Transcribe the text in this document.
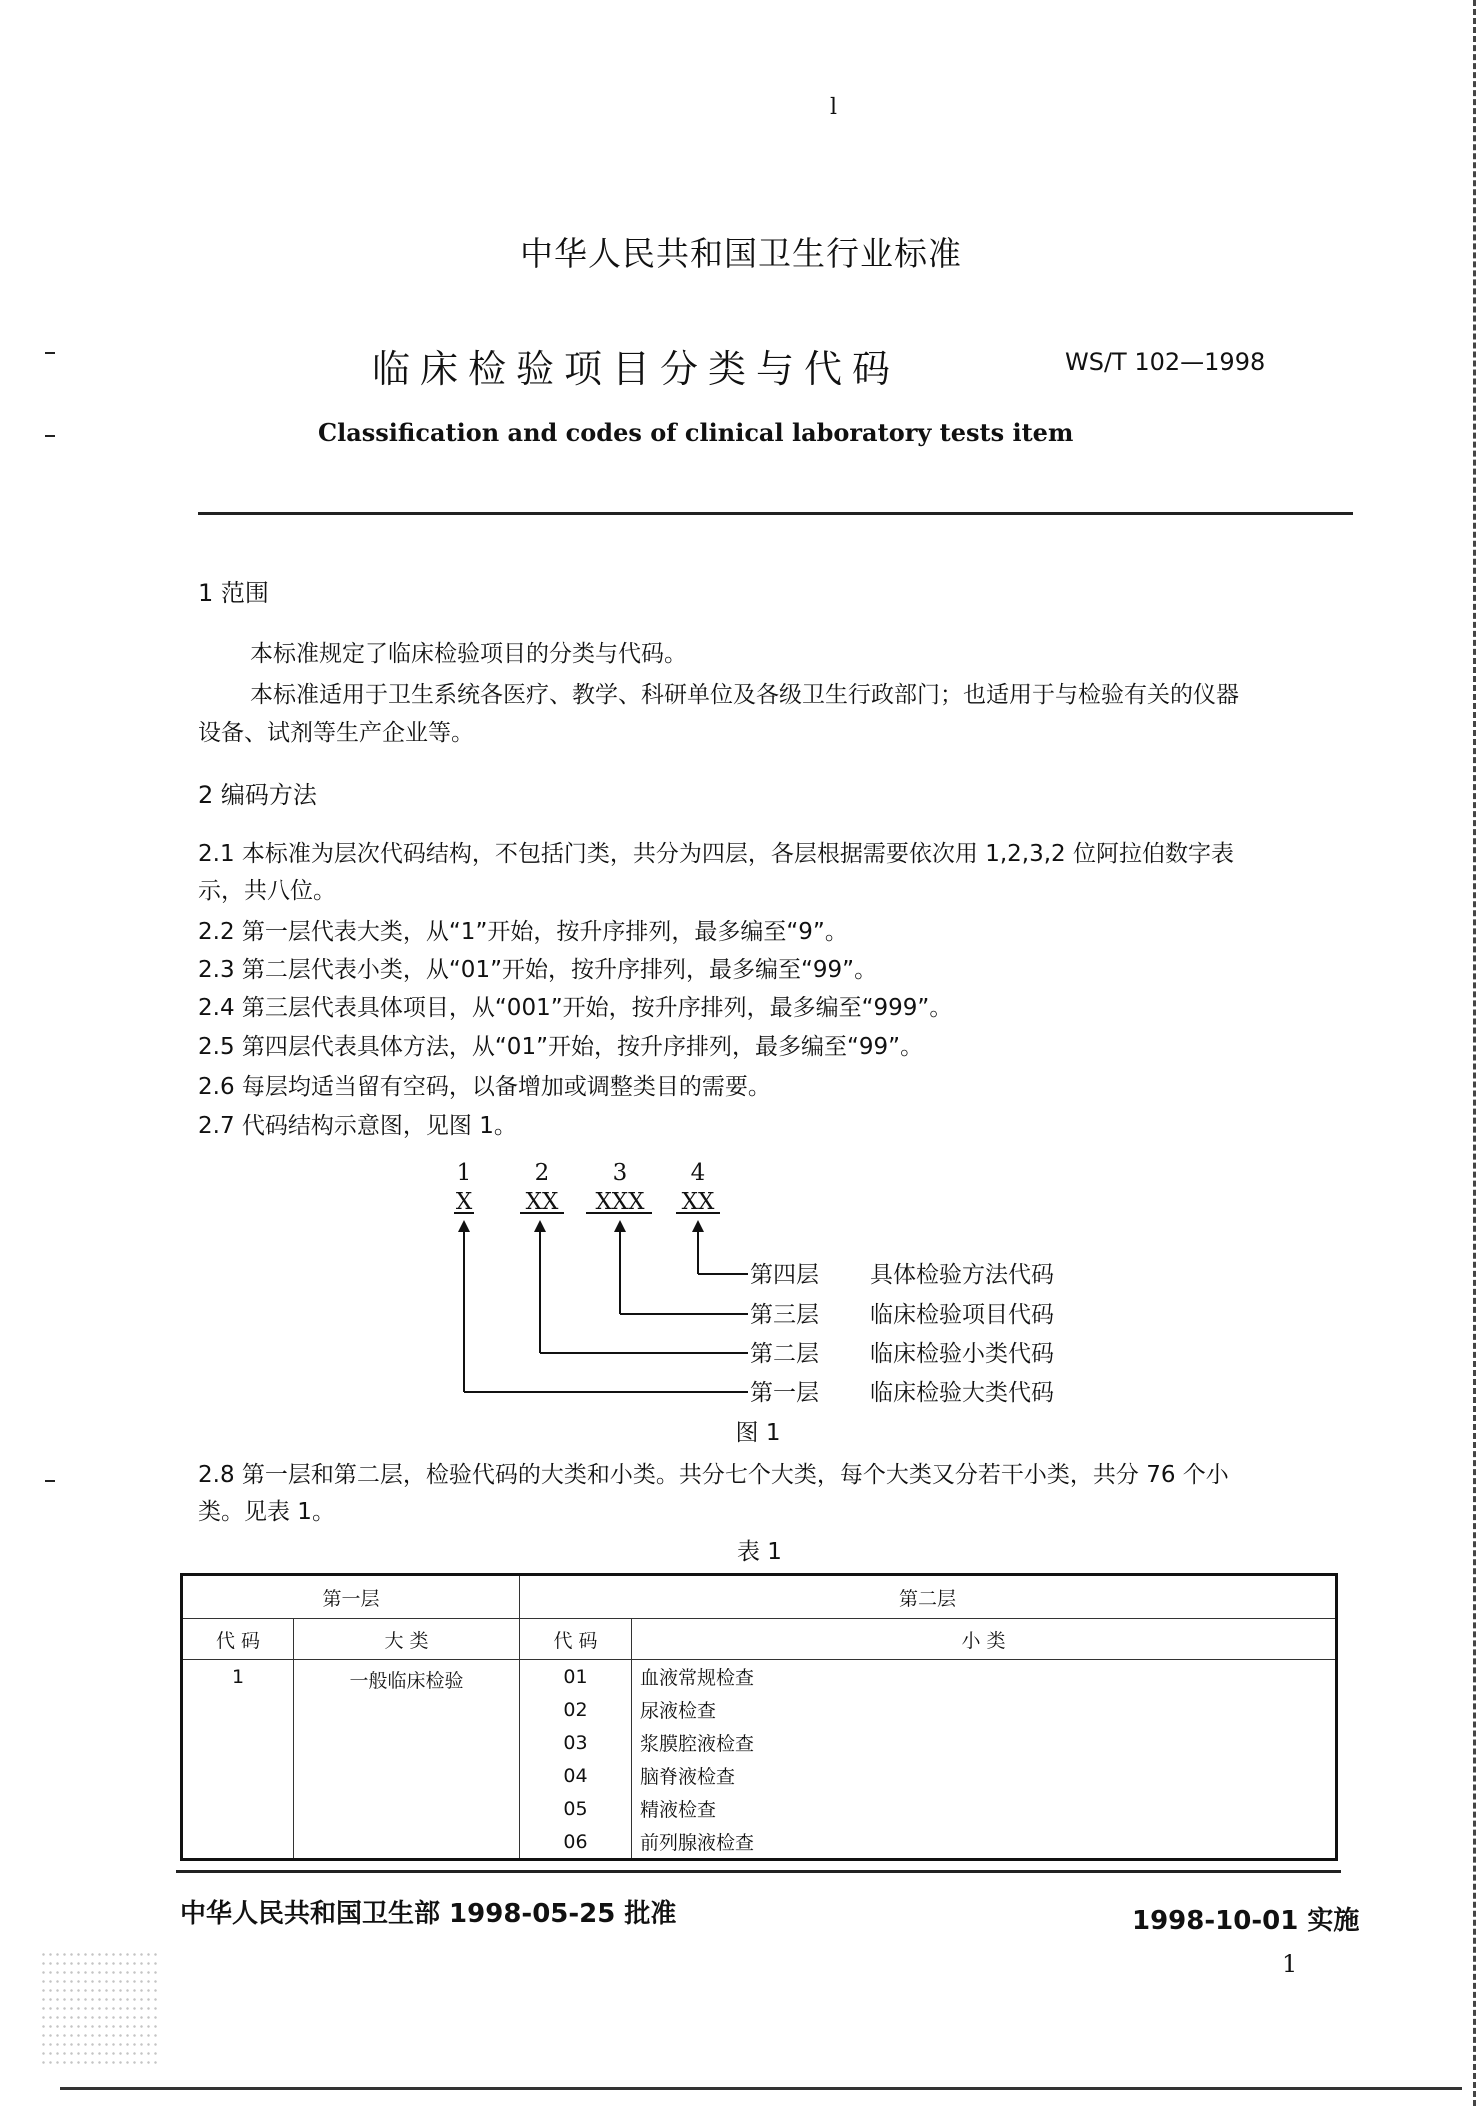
l
中华人民共和国卫生行业标准
临床检验项目分类与代码	WS/T 102—1998
Classification and codes of clinical laboratory tests item
1 范围
本标准规定了临床检验项目的分类与代码。
本标准适用于卫生系统各医疗、教学、科研单位及各级卫生行政部门；也适用于与检验有关的仪器
设备、试剂等生产企业等。
2 编码方法
2.1 本标准为层次代码结构，不包括门类，共分为四层，各层根据需要依次用 1,2,3,2 位阿拉伯数字表
示，共八位。
2.2 第一层代表大类，从“1”开始，按升序排列，最多编至“9”。
2.3 第二层代表小类，从“01”开始，按升序排列，最多编至“99”。
2.4 第三层代表具体项目，从“001”开始，按升序排列，最多编至“999”。
2.5 第四层代表具体方法，从“01”开始，按升序排列，最多编至“99”。
2.6 每层均适当留有空码，以备增加或调整类目的需要。
2.7 代码结构示意图，见图 1。
1	2	3	4
X XX XXX XX
第四层 具体检验方法代码
第三层 临床检验项目代码
第二层 临床检验小类代码
第一层 临床检验大类代码
图 1
2.8 第一层和第二层，检验代码的大类和小类。共分七个大类，每个大类又分若干小类，共分 76 个小
类。见表 1。
表 1
第一层		第二层	
代 码	大 类	代 码	小 类
1	一般临床检验	01	血液常规检查
		02	尿液检查
		03	浆膜腔液检查
		04	脑脊液检查
		05	精液检查
		06	前列腺液检查
中华人民共和国卫生部 1998-05-25 批准	1998-10-01 实施
1
